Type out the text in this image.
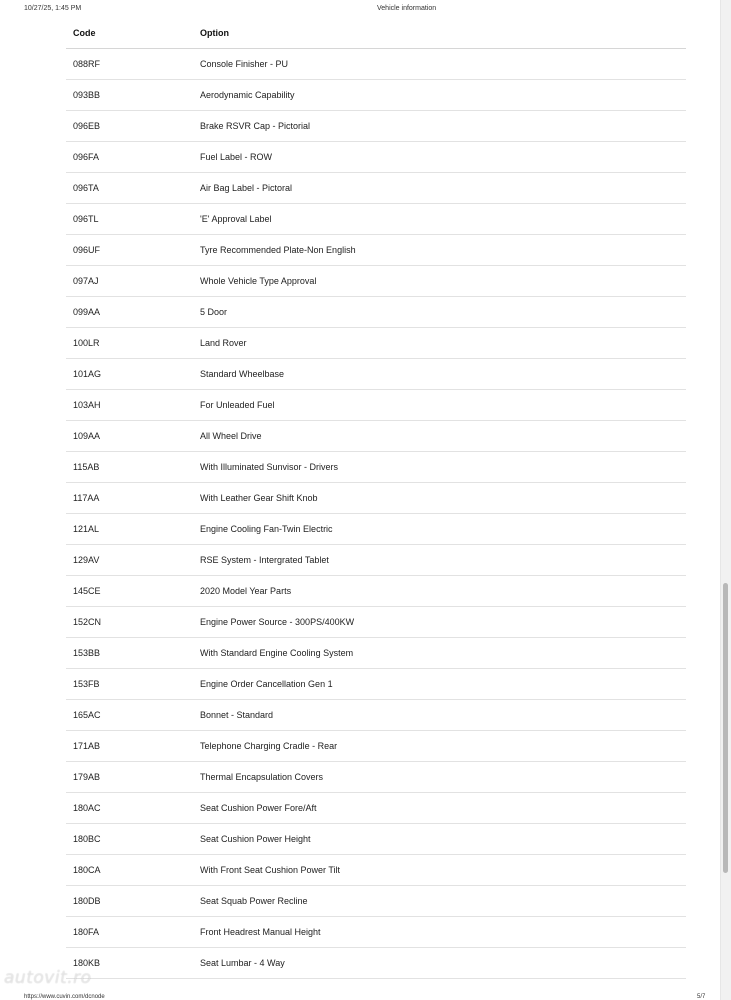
10/27/25, 1:45 PM	Vehicle information
Code	Option
088RF	Console Finisher - PU
093BB	Aerodynamic Capability
096EB	Brake RSVR Cap - Pictorial
096FA	Fuel Label - ROW
096TA	Air Bag Label - Pictoral
096TL	'E' Approval Label
096UF	Tyre Recommended Plate-Non English
097AJ	Whole Vehicle Type Approval
099AA	5 Door
100LR	Land Rover
101AG	Standard Wheelbase
103AH	For Unleaded Fuel
109AA	All Wheel Drive
115AB	With Illuminated Sunvisor - Drivers
117AA	With Leather Gear Shift Knob
121AL	Engine Cooling Fan-Twin Electric
129AV	RSE System - Intergrated Tablet
145CE	2020 Model Year Parts
152CN	Engine Power Source - 300PS/400KW
153BB	With Standard Engine Cooling System
153FB	Engine Order Cancellation Gen 1
165AC	Bonnet - Standard
171AB	Telephone Charging Cradle - Rear
179AB	Thermal Encapsulation Covers
180AC	Seat Cushion Power Fore/Aft
180BC	Seat Cushion Power Height
180CA	With Front Seat Cushion Power Tilt
180DB	Seat Squab Power Recline
180FA	Front Headrest Manual Height
180KB	Seat Lumbar - 4 Way
autovit.ro
https://www.cuvin.com/dcnode	5/7
